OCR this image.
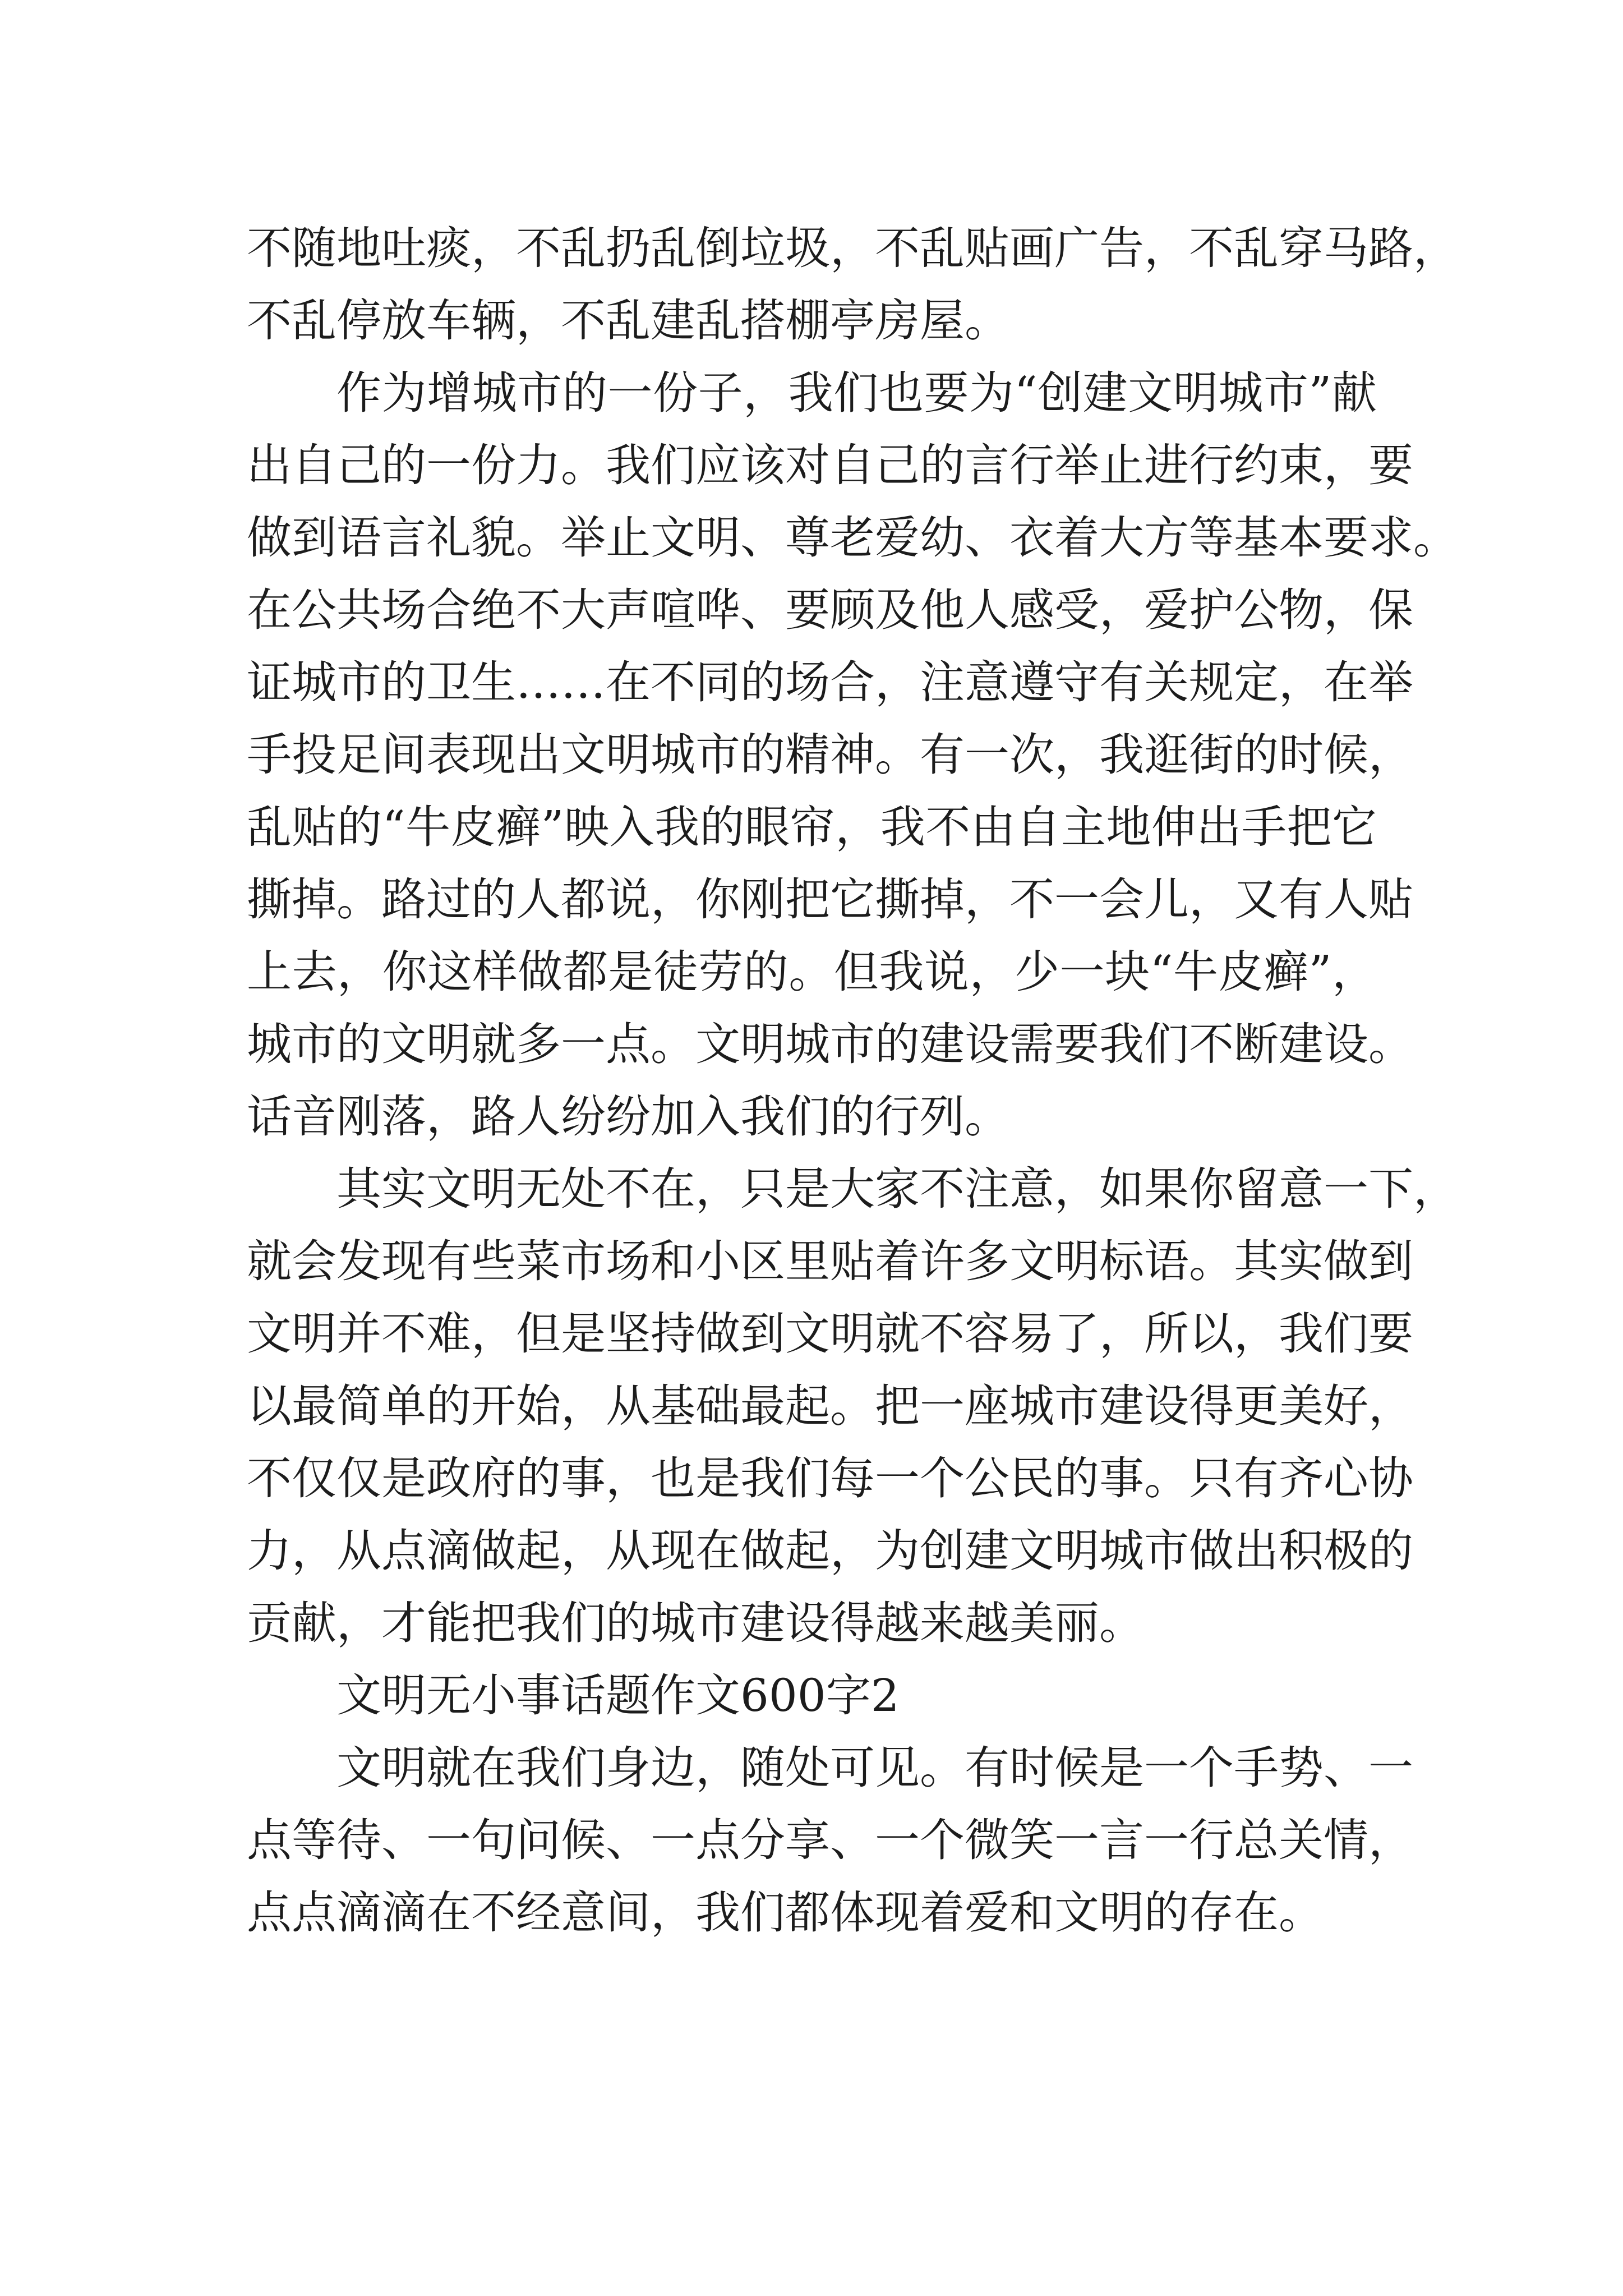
不随地吐痰，不乱扔乱倒垃圾，不乱贴画广告，不乱穿马路，
不乱停放车辆，不乱建乱搭棚亭房屋。
作为增城市的一份子，我们也要为“创建文明城市”献
出自己的一份力。我们应该对自己的言行举止进行约束，要
做到语言礼貌。举止文明、尊老爱幼、衣着大方等基本要求。
在公共场合绝不大声喧哗、要顾及他人感受，爱护公物，保
证城市的卫生……在不同的场合，注意遵守有关规定，在举
手投足间表现出文明城市的精神。有一次，我逛街的时候，
乱贴的“牛皮癣”映入我的眼帘，我不由自主地伸出手把它
撕掉。路过的人都说，你刚把它撕掉，不一会儿，又有人贴
上去，你这样做都是徒劳的。但我说，少一块“牛皮癣”，
城市的文明就多一点。文明城市的建设需要我们不断建设。
话音刚落，路人纷纷加入我们的行列。
其实文明无处不在，只是大家不注意，如果你留意一下，
就会发现有些菜市场和小区里贴着许多文明标语。其实做到
文明并不难，但是坚持做到文明就不容易了，所以，我们要
以最简单的开始，从基础最起。把一座城市建设得更美好，
不仅仅是政府的事，也是我们每一个公民的事。只有齐心协
力，从点滴做起，从现在做起，为创建文明城市做出积极的
贡献，才能把我们的城市建设得越来越美丽。
文明无小事话题作文600字2
文明就在我们身边，随处可见。有时候是一个手势、一
点等待、一句问候、一点分享、一个微笑一言一行总关情，
点点滴滴在不经意间，我们都体现着爱和文明的存在。
